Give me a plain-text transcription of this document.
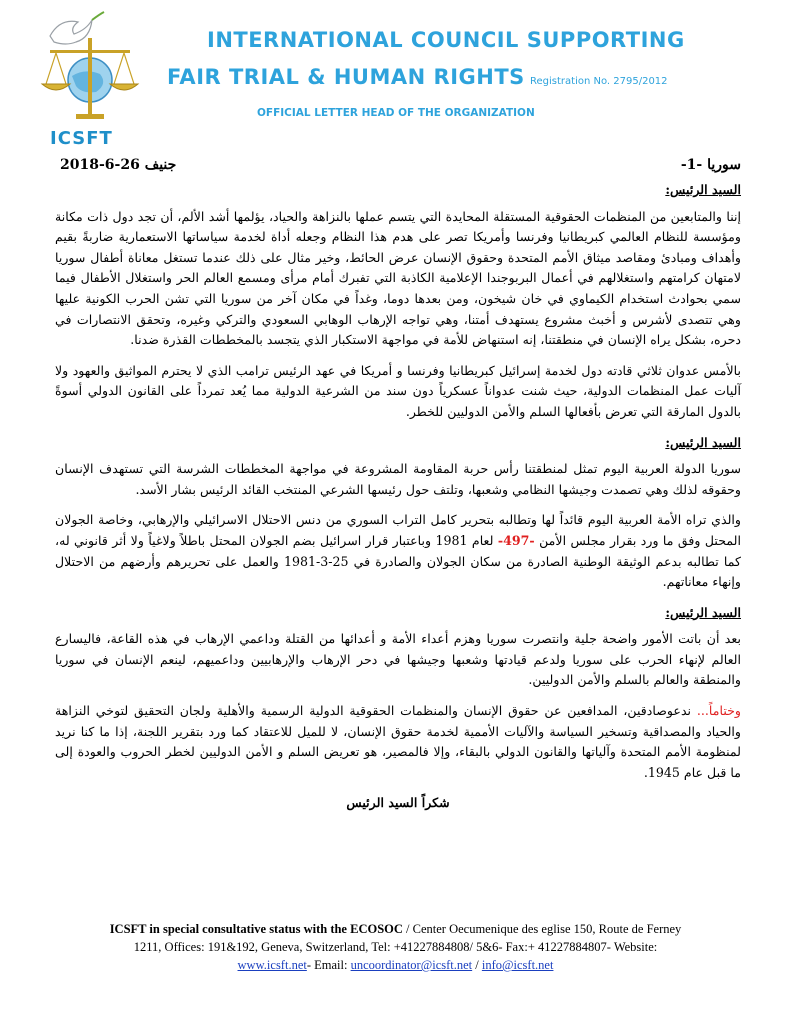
ICSFT
INTERNATIONAL COUNCIL SUPPORTING
FAIR TRIAL & HUMAN RIGHTS Registration No. 2795/2012
OFFICIAL LETTER HEAD OF THE ORGANIZATION
جنيف 26-6-2018	سوريا -1-
السيد الرئيس:

إننا والمتابعين من المنظمات الحقوقية المستقلة المحايدة التي يتسم عملها بالنزاهة والحياد، يؤلمها أشد الألم، أن تجد دول ذات مكانة ومؤسسة للنظام العالمي كبريطانيا وفرنسا وأمريكا تصر على هدم هذا النظام وجعله أداة لخدمة سياساتها الاستعمارية ضاربةً بقيم وأهداف ومبادئ ومقاصد ميثاق الأمم المتحدة وحقوق الإنسان عرض الحائط، وخير مثال على ذلك عندما تستغل معاناة أطفال سوريا لامتهان كرامتهم واستغلالهم في أعمال البربوجندا الإعلامية الكاذبة التي تفبرك أمام مرأى ومسمع العالم الحر واستغلال الأطفال فيما سمي بحوادث استخدام الكيماوي في خان شيخون، ومن بعدها دوما، وغداً في مكان آخر من سوريا التي تشن الحرب الكونية عليها وهي تتصدى لأشرس و أخبث مشروع يستهدف أمتنا، وهي تواجه الإرهاب الوهابي السعودي والتركي وغيره، وتحقق الانتصارات في دحره، بشكل يراه الإنسان في منطقتنا، إنه استنهاض للأمة في مواجهة الاستكبار الذي يتجسد بالمخططات القذرة ضدنا.

بالأمس عدوان ثلاثي قادته دول لخدمة إسرائيل كبريطانيا وفرنسا و أمريكا في عهد الرئيس ترامب الذي لا يحترم المواثيق والعهود ولا آليات عمل المنظمات الدولية، حيث شنت عدواناً عسكرياً دون سند من الشرعية الدولية مما يُعد تمرداً على القانون الدولي أسوةً بالدول المارقة التي تعرض بأفعالها السلم والأمن الدوليين للخطر.

السيد الرئيس:

سوريا الدولة العربية اليوم تمثل لمنطقتنا رأس حربة المقاومة المشروعة في مواجهة المخططات الشرسة التي تستهدف الإنسان وحقوقه لذلك وهي تصمدت وجيشها النظامي وشعبها، وتلتف حول رئيسها الشرعي المنتخب القائد الرئيس بشار الأسد.

والذي تراه الأمة العربية اليوم قائداً لها وتطالبه بتحرير كامل التراب السوري من دنس الاحتلال الاسرائيلي والإرهابي، وخاصة الجولان المحتل وفق ما ورد بقرار مجلس الأمن -497- لعام 1981 وباعتبار قرار اسرائيل بضم الجولان المحتل باطلاً ولاغياً ولا أثر قانوني له، كما تطالبه بدعم الوثيقة الوطنية الصادرة من سكان الجولان والصادرة في 25-3-1981 والعمل على تحريرهم وأرضهم من الاحتلال وإنهاء معاناتهم.

السيد الرئيس:

بعد أن باتت الأمور واضحة جلية وانتصرت سوريا وهزم أعداء الأمة و أعدائها من القتلة وداعمي الإرهاب في هذه القاعة، فاليسارع العالم لإنهاء الحرب على سوريا ولدعم قيادتها وشعبها وجيشها في دحر الإرهاب والإرهابيين وداعميهم، لينعم الإنسان في سوريا والمنطقة والعالم بالسلم والأمن الدوليين.

وختاماً... ندعوصادقين، المدافعين عن حقوق الإنسان والمنظمات الحقوقية الدولية الرسمية والأهلية ولجان التحقيق لتوخي النزاهة والحياد والمصداقية وتسخير السياسة والآليات الأممية لخدمة حقوق الإنسان، لا للميل للاعتقاد كما ورد بتقرير اللجنة، إذا ما كنا نريد لمنظومة الأمم المتحدة وآلياتها والقانون الدولي بالبقاء، وإلا فالمصير، هو تعريض السلم و الأمن الدوليين لخطر الحروب والعودة إلى ما قبل عام 1945.

شكراً السيد الرئيس
ICSFT in special consultative status with the ECOSOC / Center Oecumenique des eglise 150, Route de Ferney
1211, Offices: 191&192, Geneva, Switzerland, Tel: +41227884808/ 5&6- Fax:+ 41227884807- Website:
www.icsft.net- Email: uncoordinator@icsft.net / info@icsft.net
